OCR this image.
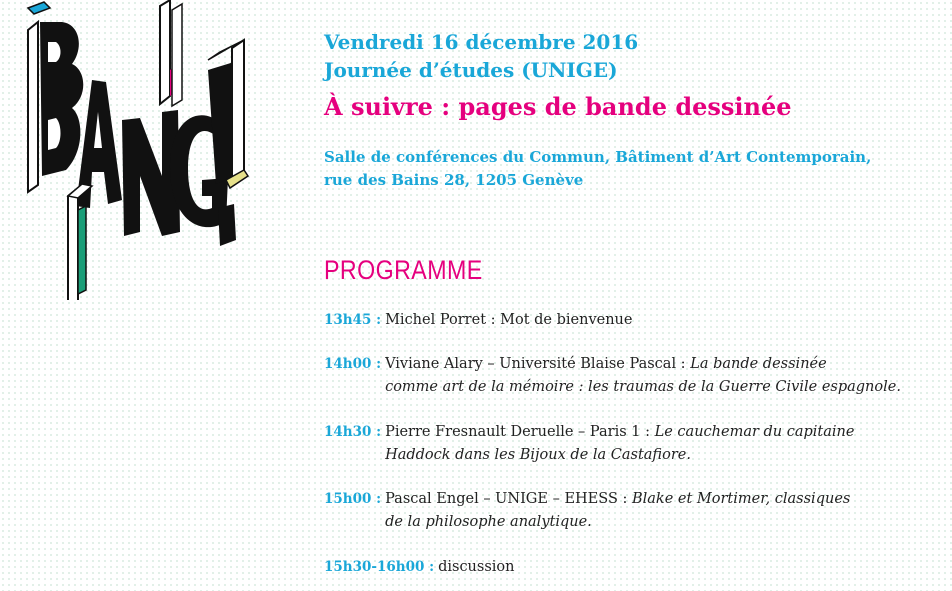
Vendredi 16 décembre 2016

Journée d’études (UNIGE)

À suivre : pages de bande dessinée

Salle de conférences du Commun, Bâtiment d’Art Contemporain,
rue des Bains 28, 1205 Genève
PROGRAMME
13h45 : Michel Porret : Mot de bienvenue
14h00 : Viviane Alary – Université Blaise Pascal : La bande dessinée
comme art de la mémoire : les traumas de la Guerre Civile espagnole.
14h30 : Pierre Fresnault Deruelle – Paris 1 : Le cauchemar du capitaine
Haddock dans les Bijoux de la Castafiore.
15h00 : Pascal Engel – UNIGE – EHESS : Blake et Mortimer, classiques
de la philosophe analytique.
15h30-16h00 : discussion
